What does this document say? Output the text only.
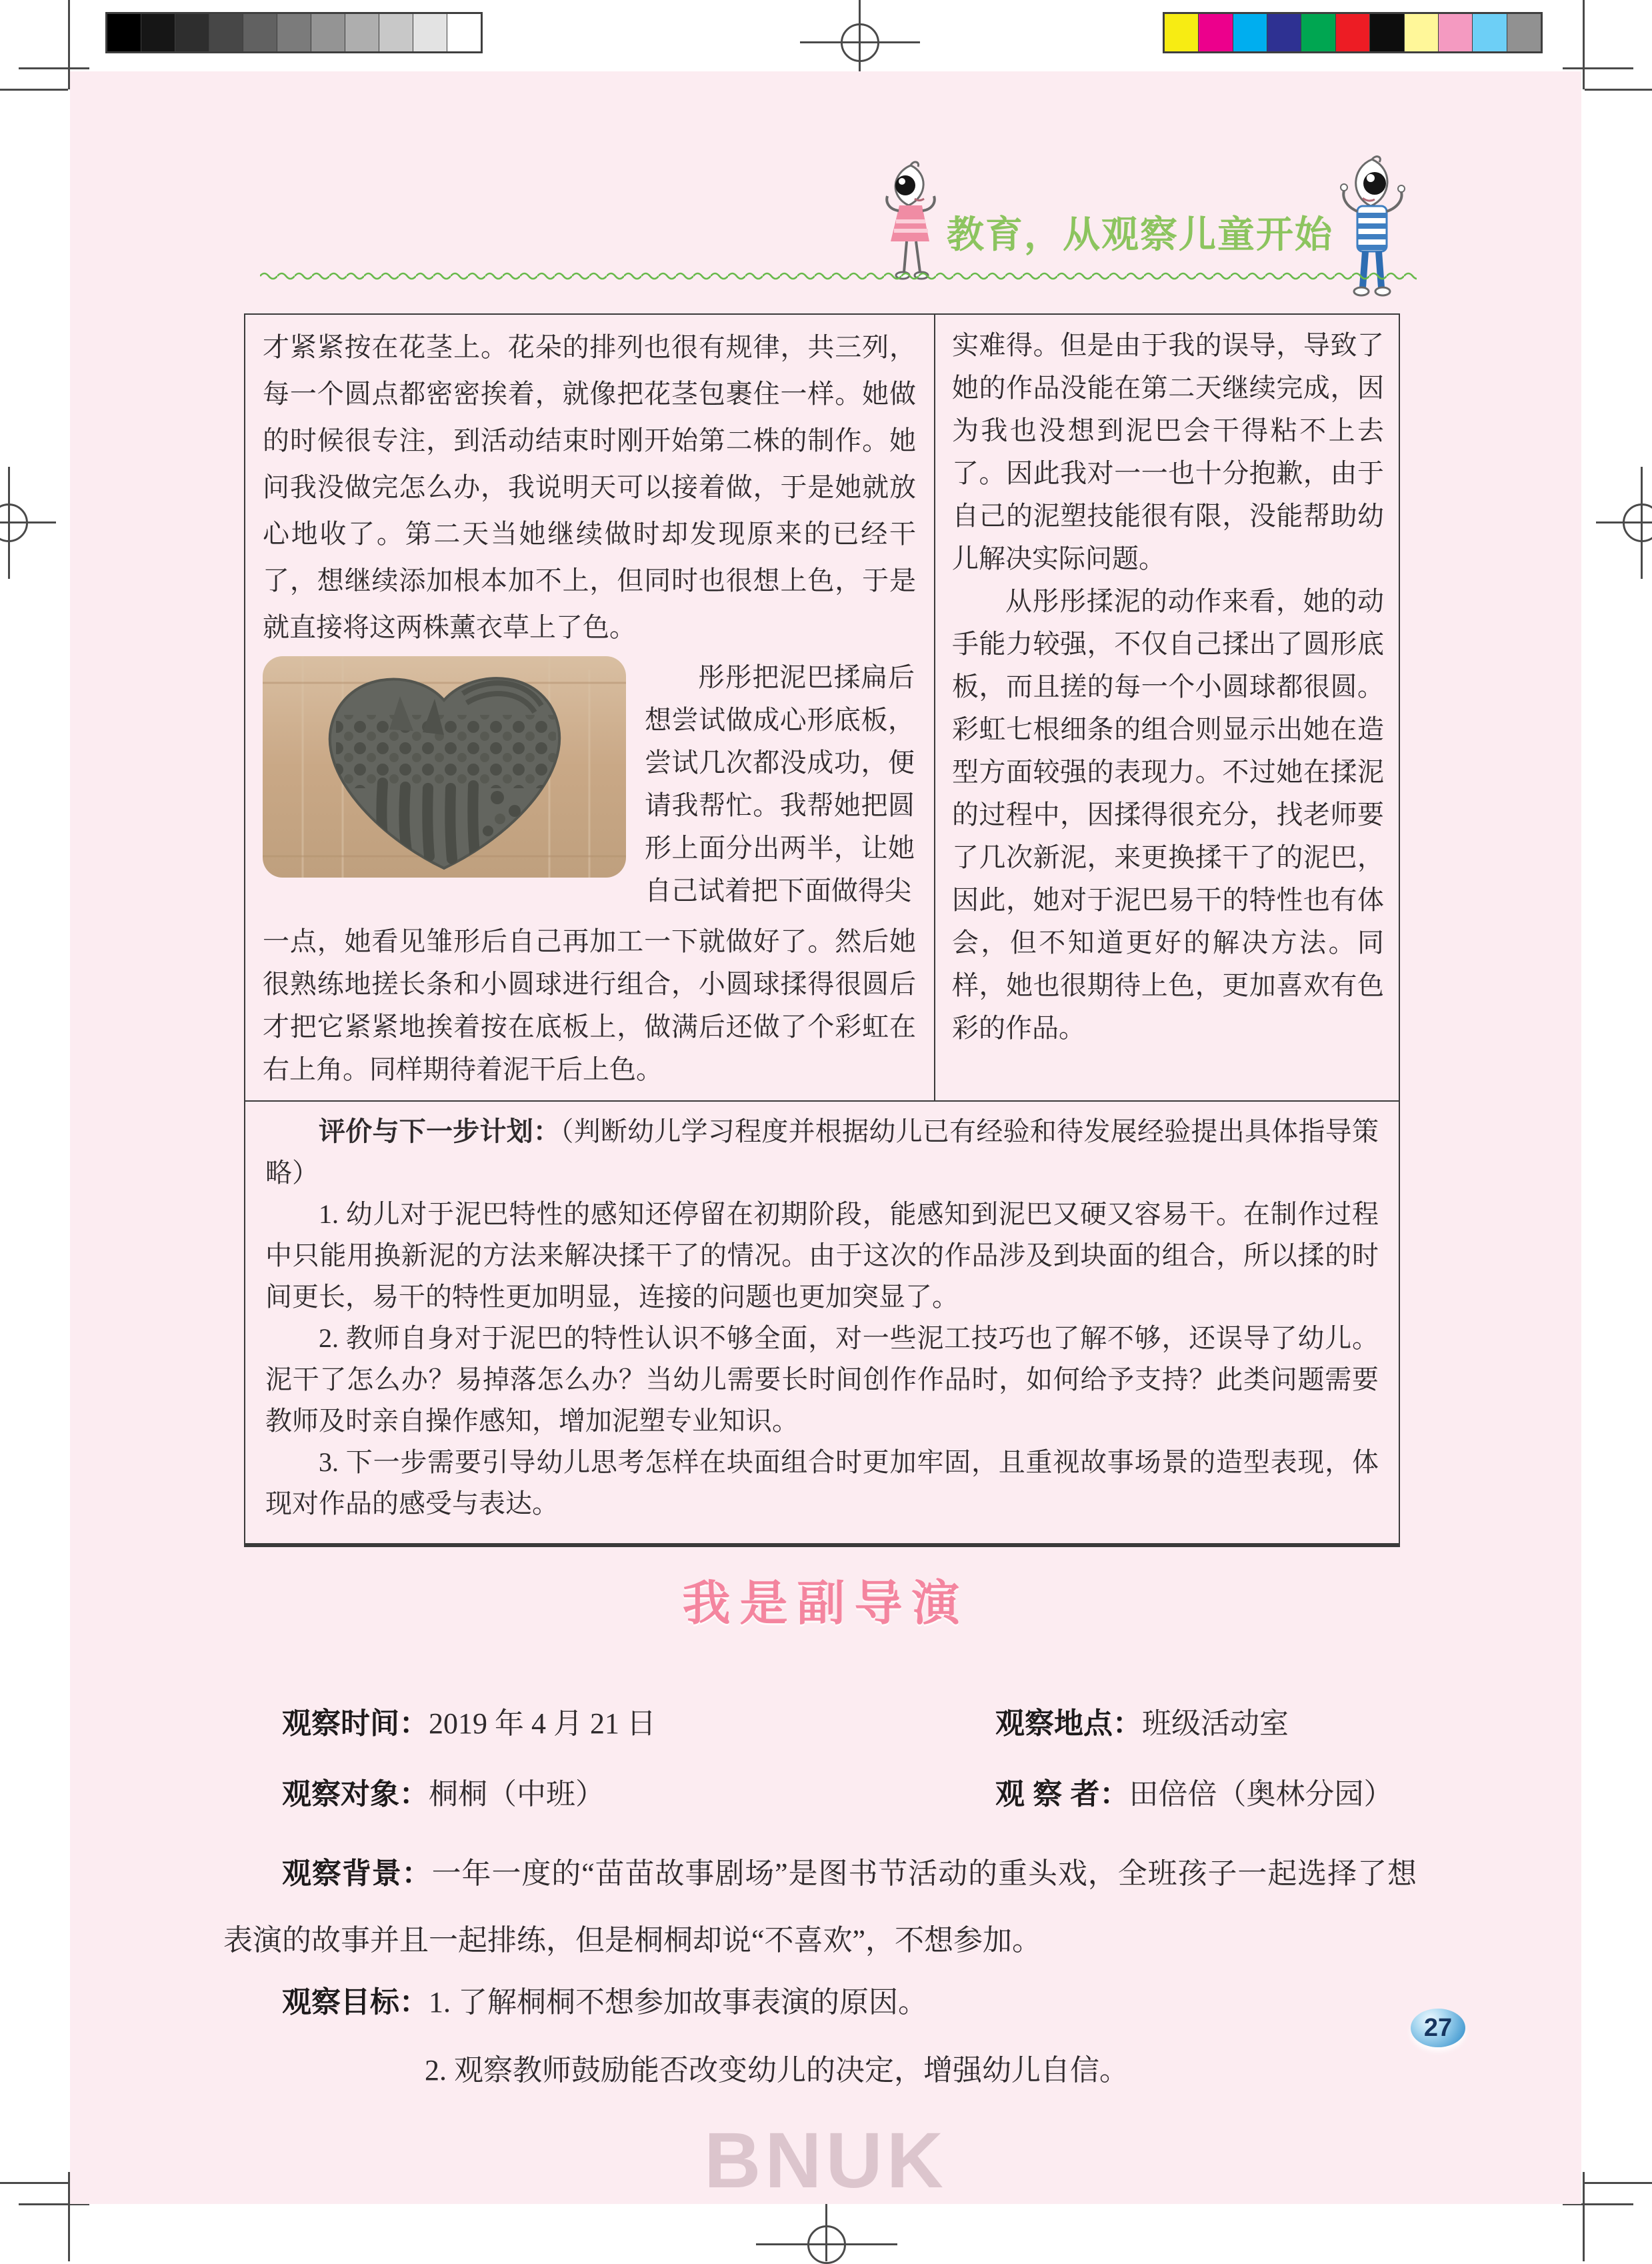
教育，从观察儿童开始

才紧紧按在花茎上。花朵的排列也很有规律，共三列，每一个圆点都密密挨着，就像把花茎包裹住一样。她做的时候很专注，到活动结束时刚开始第二株的制作。她问我没做完怎么办，我说明天可以接着做，于是她就放心地收了。第二天当她继续做时却发现原来的已经干了，想继续添加根本加不上，但同时也很想上色，于是就直接将这两株薰衣草上了色。

彤彤把泥巴揉扁后想尝试做成心形底板，尝试几次都没成功，便请我帮忙。我帮她把圆形上面分出两半，让她自己试着把下面做得尖

一点，她看见雏形后自己再加工一下就做好了。然后她很熟练地搓长条和小圆球进行组合，小圆球揉得很圆后才把它紧紧地挨着按在底板上，做满后还做了个彩虹在右上角。同样期待着泥干后上色。

实难得。但是由于我的误导，导致了她的作品没能在第二天继续完成，因为我也没想到泥巴会干得粘不上去了。因此我对一一也十分抱歉，由于自己的泥塑技能很有限，没能帮助幼儿解决实际问题。

从彤彤揉泥的动作来看，她的动手能力较强，不仅自己揉出了圆形底板，而且搓的每一个小圆球都很圆。彩虹七根细条的组合则显示出她在造型方面较强的表现力。不过她在揉泥的过程中，因揉得很充分，找老师要了几次新泥，来更换揉干了的泥巴，因此，她对于泥巴易干的特性也有体会，但不知道更好的解决方法。同样，她也很期待上色，更加喜欢有色彩的作品。

评价与下一步计划：（判断幼儿学习程度并根据幼儿已有经验和待发展经验提出具体指导策略）

1. 幼儿对于泥巴特性的感知还停留在初期阶段，能感知到泥巴又硬又容易干。在制作过程中只能用换新泥的方法来解决揉干了的情况。由于这次的作品涉及到块面的组合，所以揉的时间更长，易干的特性更加明显，连接的问题也更加突显了。

2. 教师自身对于泥巴的特性认识不够全面，对一些泥工技巧也了解不够，还误导了幼儿。泥干了怎么办？易掉落怎么办？当幼儿需要长时间创作作品时，如何给予支持？此类问题需要教师及时亲自操作感知，增加泥塑专业知识。

3. 下一步需要引导幼儿思考怎样在块面组合时更加牢固，且重视故事场景的造型表现，体现对作品的感受与表达。

我是副导演
观察时间：2019 年 4 月 21 日	观察地点：班级活动室
观察对象：桐桐（中班）	观 察 者：田倍倍（奥林分园）
观察背景：一年一度的“苗苗故事剧场”是图书节活动的重头戏，全班孩子一起选择了想表演的故事并且一起排练，但是桐桐却说“不喜欢”，不想参加。
观察目标：1. 了解桐桐不想参加故事表演的原因。
2. 观察教师鼓励能否改变幼儿的决定，增强幼儿自信。
27
BNUK
